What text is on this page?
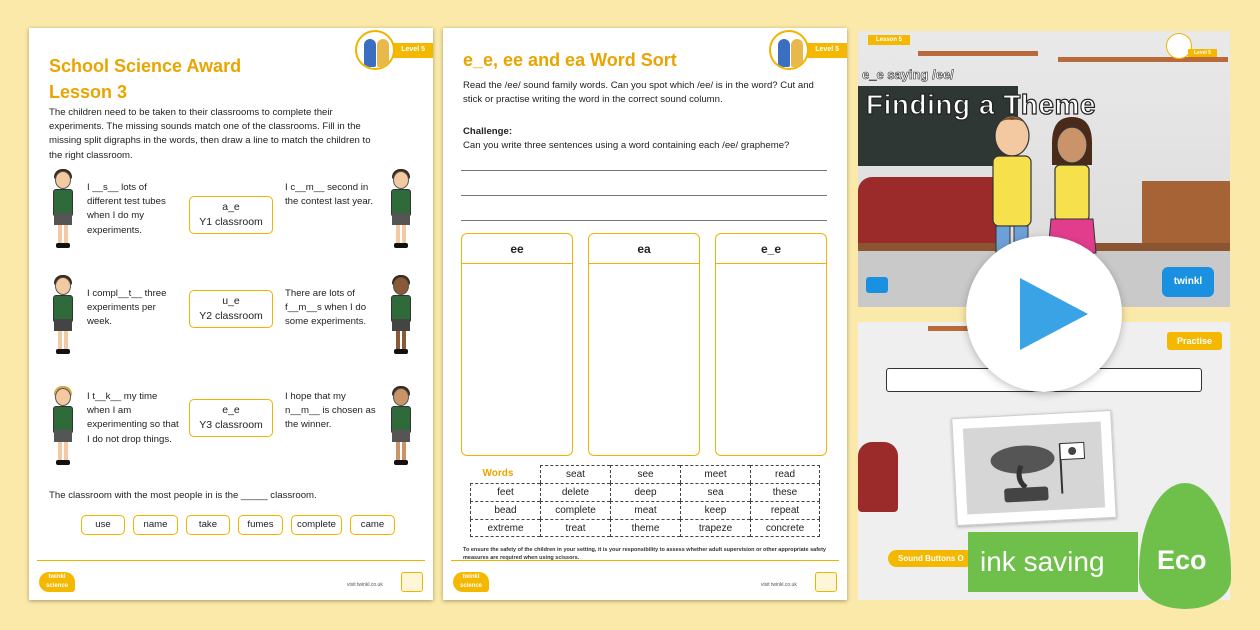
Level 5
School Science Award Lesson 3
The children need to be taken to their classrooms to complete their experiments. The missing sounds match one of the classrooms. Fill in the missing split digraphs in the words, then draw a line to match the children to the right classroom.
I __s__ lots of different test tubes when I do my experiments.
a_e
Y1 classroom
I c__m__ second in the contest last year.
I compl__t__ three experiments per week.
u_e
Y2 classroom
There are lots of f__m__s when I do some experiments.
I t__k__ my time when I am experimenting so that I do not drop things.
e_e
Y3 classroom
I hope that my n__m__ is chosen as the winner.
The classroom with the most people in is the _____ classroom.
use	name	take	fumes	complete	came
twinkl science	visit twinkl.co.uk
Level 5
e_e, ee and ea Word Sort
Read the /ee/ sound family words. Can you spot which /ee/ is in the word? Cut and stick or practise writing the word in the correct sound column.
Challenge:
Can you write three sentences using a word containing each /ee/ grapheme?
ee	ea	e_e
Words	seat	see	meet	read
feet	delete	deep	sea	these
bead	complete	meat	keep	repeat
extreme	treat	theme	trapeze	concrete
To ensure the safety of the children in your setting, it is your responsibility to assess whether adult supervision or other appropriate safety measures are required when using scissors.
twinkl science	visit twinkl.co.uk
Lesson 5
Level 5
e_e saying /ee/
Finding a Theme
twinkl
Practise
Sound Buttons O ink saving	Eco
